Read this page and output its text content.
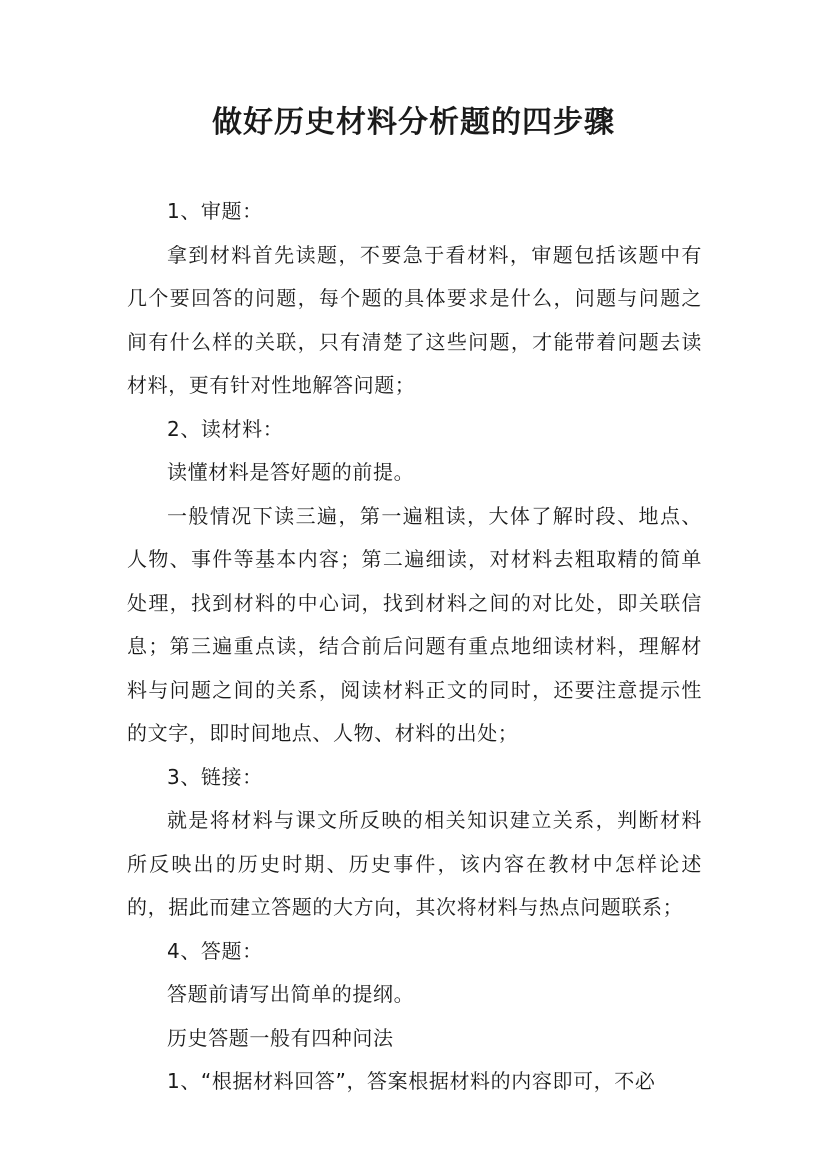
做好历史材料分析题的四步骤

1、审题：

拿到材料首先读题，不要急于看材料，审题包括该题中有几个要回答的问题，每个题的具体要求是什么，问题与问题之间有什么样的关联，只有清楚了这些问题，才能带着问题去读材料，更有针对性地解答问题；

2、读材料：

读懂材料是答好题的前提。

一般情况下读三遍，第一遍粗读，大体了解时段、地点、人物、事件等基本内容；第二遍细读，对材料去粗取精的简单处理，找到材料的中心词，找到材料之间的对比处，即关联信息；第三遍重点读，结合前后问题有重点地细读材料，理解材料与问题之间的关系，阅读材料正文的同时，还要注意提示性的文字，即时间地点、人物、材料的出处；

3、链接：

就是将材料与课文所反映的相关知识建立关系，判断材料所反映出的历史时期、历史事件，该内容在教材中怎样论述的，据此而建立答题的大方向，其次将材料与热点问题联系；

4、答题：

答题前请写出简单的提纲。

历史答题一般有四种问法

1、“根据材料回答”，答案根据材料的内容即可，不必
